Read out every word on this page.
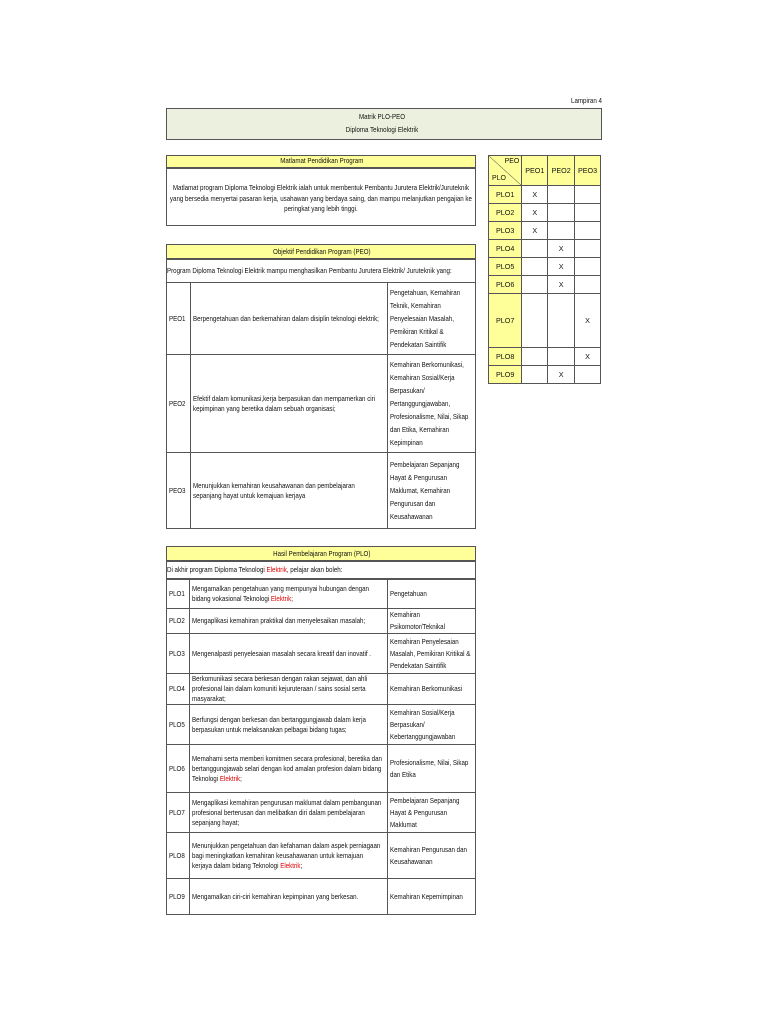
Lampiran 4
Matrik PLO-PEO
Diploma Teknologi Elektrik
Matlamat Pendidikan Program
Matlamat program Diploma Teknologi Elektrik ialah untuk membentuk Pembantu Jurutera Elektrik/Juruteknik yang bersedia menyertai pasaran kerja, usahawan yang berdaya saing, dan mampu melanjutkan pengajian ke peringkat yang lebih tinggi.
Objektif Pendidikan Program (PEO)
Program Diploma Teknologi Elektrik mampu menghasilkan Pembantu Jurutera Elektrik/ Juruteknik yang:
PEO1	Berpengetahuan dan berkemahiran dalam disiplin teknologi elektrik;	Pengetahuan, Kemahiran Teknik, Kemahiran Penyelesaian Masalah, Pemikiran Kritikal & Pendekatan Saintifik

PEO2	Efektif dalam komunikasi,kerja berpasukan dan mempamerkan ciri kepimpinan yang beretika dalam sebuah organisasi;	Kemahiran Berkomunikasi, Kemahiran Sosial/Kerja Berpasukan/ Pertanggungjawaban, Profesionalisme, Nilai, Sikap dan Etika, Kemahiran Kepimpinan

PEO3	Menunjukkan kemahiran keusahawanan dan pembelajaran sepanjang hayat untuk kemajuan kerjaya	Pembelajaran Sepanjang Hayat & Pengurusan Maklumat, Kemahiran Pengurusan dan Keusahawanan
Hasil Pembelajaran Program (PLO)
Di akhir program Diploma Teknologi Elektrik, pelajar akan boleh:
PLO1	Mengamalkan pengetahuan yang mempunyai hubungan dengan bidang vokasional Teknologi Elektrik;	Pengetahuan

PLO2	Mengaplikasi kemahiran praktikal dan menyelesaikan masalah;	Kemahiran Psikomotor/Teknikal

PLO3	Mengenalpasti penyelesaian masalah secara kreatif dan inovatif .	Kemahiran Penyelesaian Masalah, Pemikiran Kritikal & Pendekatan Saintifik

PLO4	Berkomunikasi secara berkesan dengan rakan sejawat, dan ahli profesional lain dalam komuniti kejuruteraan / sains sosial serta masyarakat;	Kemahiran Berkomunikasi

PLO5	Berfungsi dengan berkesan dan bertanggungjawab dalam kerja berpasukan untuk melaksanakan pelbagai bidang tugas;	Kemahiran Sosial/Kerja Berpasukan/ Kebertanggungjawaban

PLO6	Memahami serta memberi komitmen secara profesional, beretika dan bertanggungjawab selari dengan kod amalan profesion dalam bidang Teknologi Elektrik;	Profesionalisme, Nilai, Sikap dan Etika

PLO7	Mengaplikasi kemahiran pengurusan maklumat dalam pembangunan profesional berterusan dan melibatkan diri dalam pembelajaran sepanjang hayat;	Pembelajaran Sepanjang Hayat & Pengurusan Maklumat

PLO8	Menunjukkan pengetahuan dan kefahaman dalam aspek perniagaan bagi meningkatkan kemahiran keusahawanan untuk kemajuan kerjaya dalam bidang Teknologi Elektrik;	Kemahiran Pengurusan dan Keusahawanan

PLO9	Mengamalkan ciri-ciri kemahiran kepimpinan yang berkesan.	Kemahiran Kepemimpinan
PEO
PLO	PEO1	PEO2	PEO3
PLO1	X		
PLO2	X		
PLO3	X		
PLO4		X	
PLO5		X	
PLO6		X	
PLO7			X
PLO8			X
PLO9		X	
